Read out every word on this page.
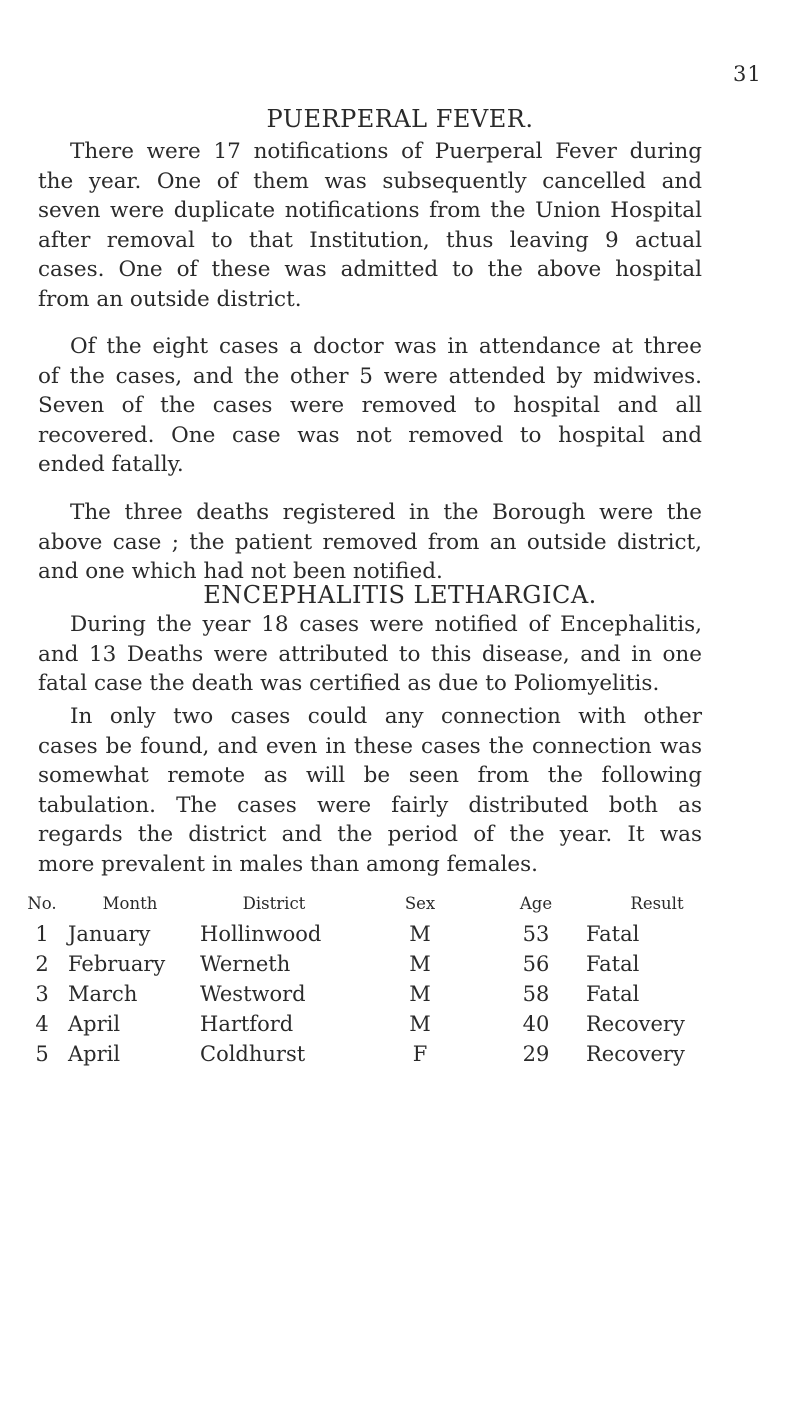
31
PUERPERAL FEVER.
There were 17 notifications of Puerperal Fever during
the year. One of them was subsequently cancelled and
seven were duplicate notifications from the Union Hospital
after removal to that Institution, thus leaving 9 actual
cases. One of these was admitted to the above hospital
from an outside district.
Of the eight cases a doctor was in attendance at three
of the cases, and the other 5 were attended by midwives.
Seven of the cases were removed to hospital and all
recovered. One case was not removed to hospital and
ended fatally.
The three deaths registered in the Borough were the
above case ; the patient removed from an outside district,
and one which had not been notified.
ENCEPHALITIS LETHARGICA.
During the year 18 cases were notified of Encephalitis,
and 13 Deaths were attributed to this disease, and in one
fatal case the death was certified as due to Poliomyelitis.
In only two cases could any connection with other
cases be found, and even in these cases the connection was
somewhat remote as will be seen from the following
tabulation. The cases were fairly distributed both as
regards the district and the period of the year. It was
more prevalent in males than among females.
No.	Month	District	Sex	Age	Result
1 January	Hollinwood	M	53	Fatal
2 February	Werneth	M	56	Fatal
3 March	Westword	M	58	Fatal
4 April	Hartford	M	40	Recovery
5 April	Coldhurst	F	29	Recovery
